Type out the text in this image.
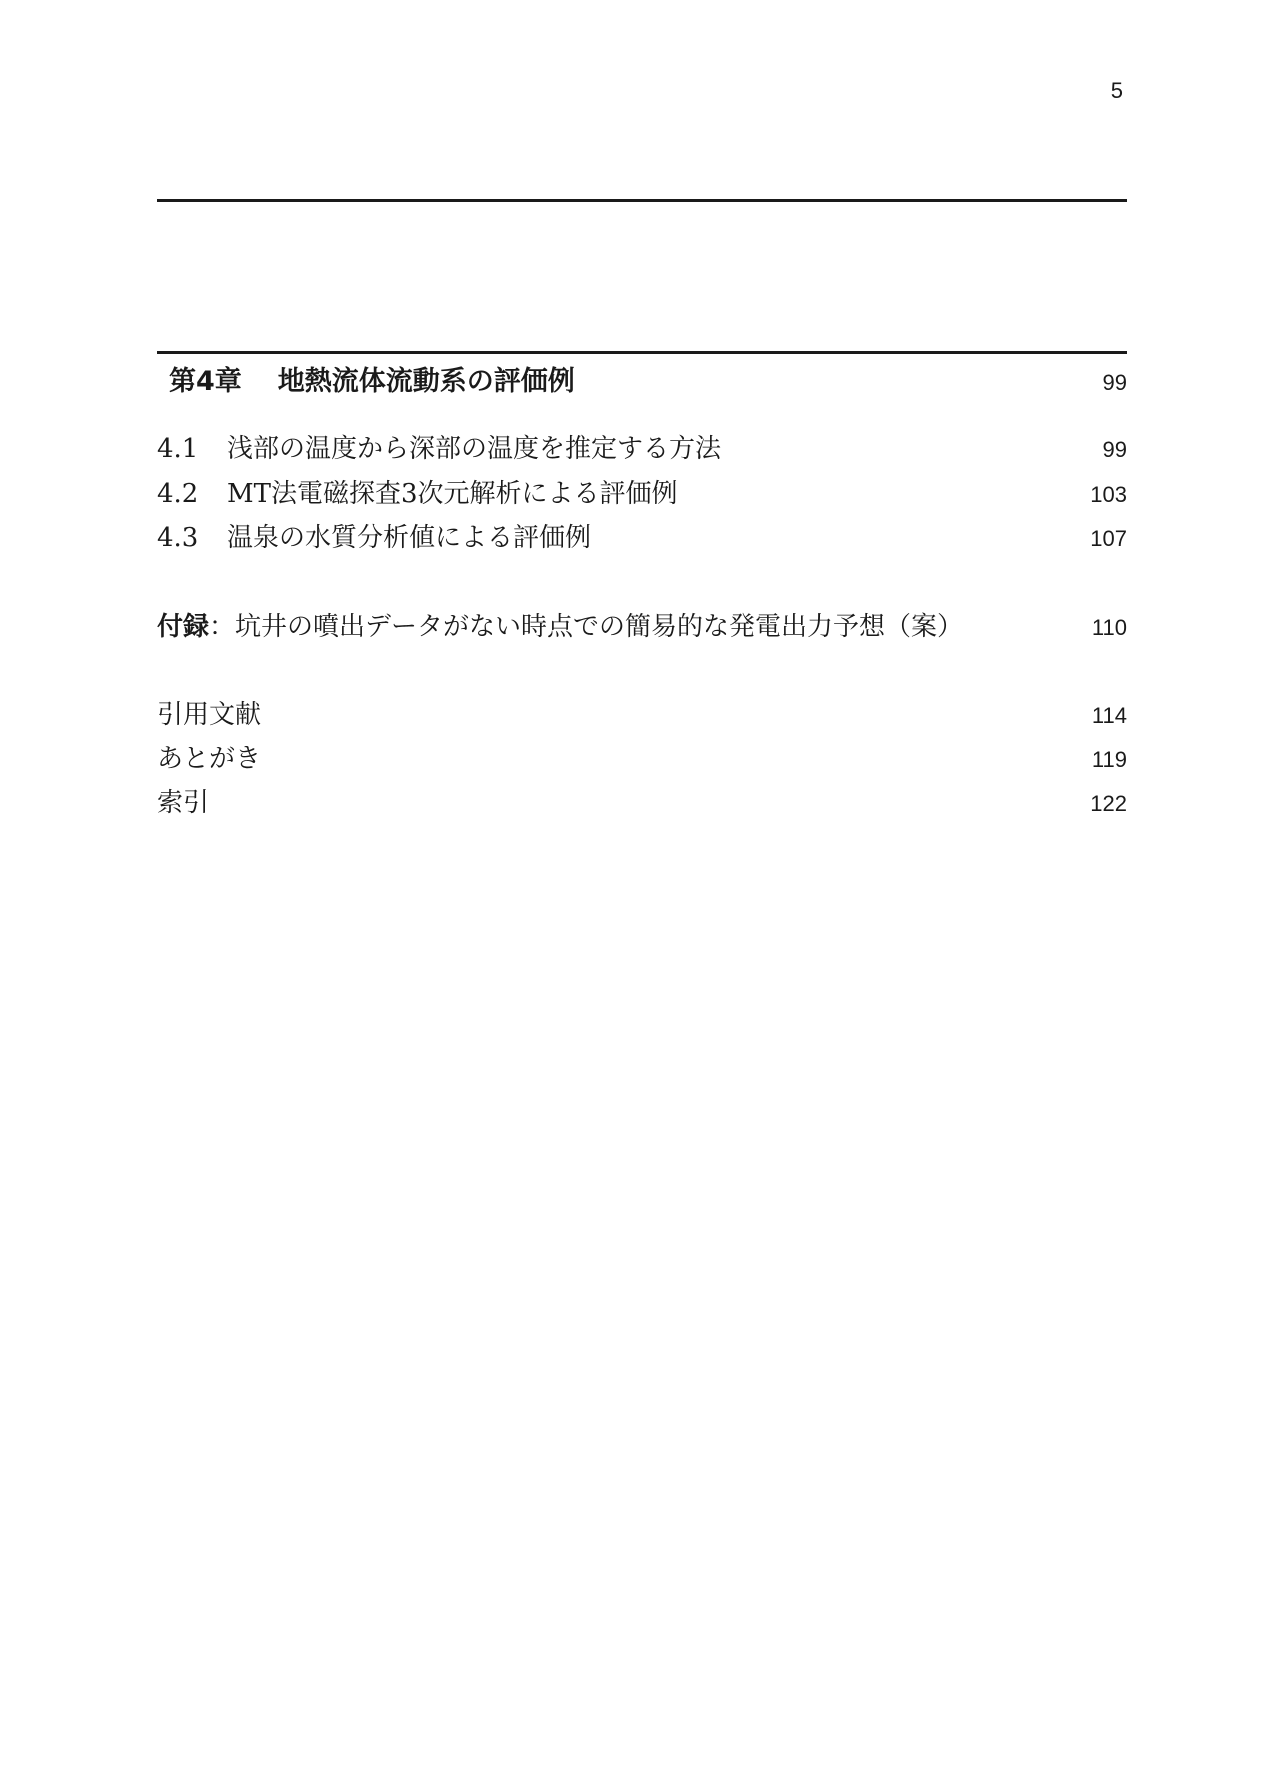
5
第4章 地熱流体流動系の評価例	99
4.1 浅部の温度から深部の温度を推定する方法	99
4.2 MT法電磁探査3次元解析による評価例	103
4.3 温泉の水質分析値による評価例	107
付録：坑井の噴出データがない時点での簡易的な発電出力予想（案）	110
引用文献	114
あとがき	119
索引	122
